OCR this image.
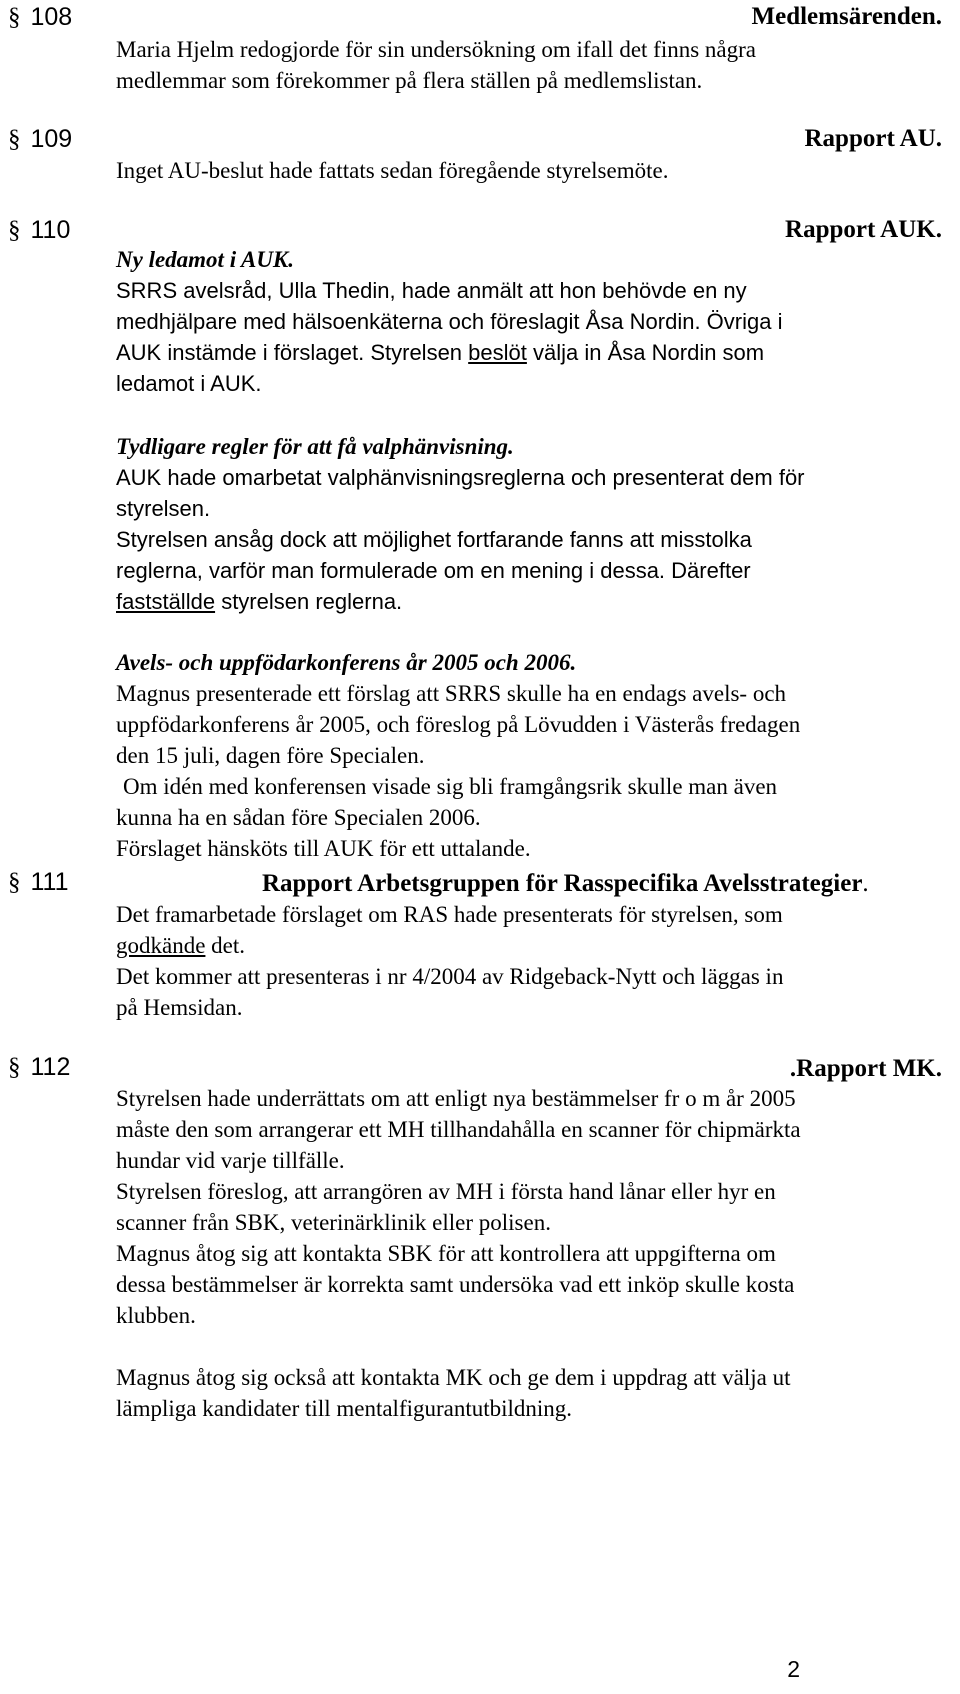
§ 108	Medlemsärenden.
Maria Hjelm redogjorde för sin undersökning om ifall det finns några
medlemmar som förekommer på flera ställen på medlemslistan.
§ 109	Rapport AU.
Inget AU-beslut hade fattats sedan föregående styrelsemöte.
§ 110	Rapport AUK.
Ny ledamot i AUK.
SRRS avelsråd, Ulla Thedin, hade anmält att hon behövde en ny
medhjälpare med hälsoenkäterna och föreslagit Åsa Nordin. Övriga i
AUK instämde i förslaget. Styrelsen beslöt välja in Åsa Nordin som
ledamot i AUK.
Tydligare regler för att få valphänvisning.
AUK hade omarbetat valphänvisningsreglerna och presenterat dem för
styrelsen.
Styrelsen ansåg dock att möjlighet fortfarande fanns att misstolka
reglerna, varför man formulerade om en mening i dessa. Därefter
fastställde styrelsen reglerna.
Avels- och uppfödarkonferens år 2005 och 2006.
Magnus presenterade ett förslag att SRRS skulle ha en endags avels- och
uppfödarkonferens år 2005, och föreslog på Lövudden i Västerås fredagen
den 15 juli, dagen före Specialen.
Om idén med konferensen visade sig bli framgångsrik skulle man även
kunna ha en sådan före Specialen 2006.
Förslaget hänsköts till AUK för ett uttalande.
§ 111	Rapport Arbetsgruppen för Rasspecifika Avelsstrategier.
Det framarbetade förslaget om RAS hade presenterats för styrelsen, som
godkände det.
Det kommer att presenteras i nr 4/2004 av Ridgeback-Nytt och läggas in
på Hemsidan.
§ 112	.Rapport MK.
Styrelsen hade underrättats om att enligt nya bestämmelser fr o m år 2005
måste den som arrangerar ett MH tillhandahålla en scanner för chipmärkta
hundar vid varje tillfälle.
Styrelsen föreslog, att arrangören av MH i första hand lånar eller hyr en
scanner från SBK, veterinärklinik eller polisen.
Magnus åtog sig att kontakta SBK för att kontrollera att uppgifterna om
dessa bestämmelser är korrekta samt undersöka vad ett inköp skulle kosta
klubben.
Magnus åtog sig också att kontakta MK och ge dem i uppdrag att välja ut
lämpliga kandidater till mentalfigurantutbildning.
2
